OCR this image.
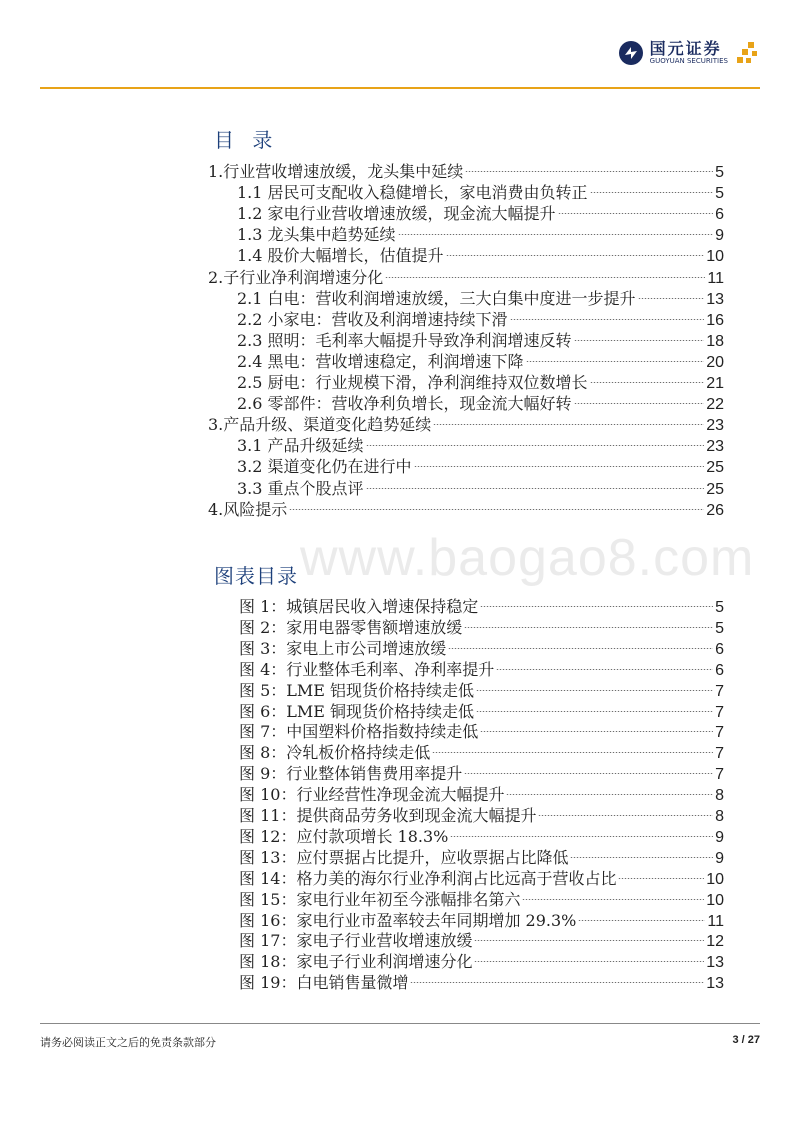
国元证券
GUOYUAN SECURITIES
目 录
1.行业营收增速放缓，龙头集中延续	5
1.1 居民可支配收入稳健增长，家电消费由负转正	5
1.2 家电行业营收增速放缓，现金流大幅提升	6
1.3 龙头集中趋势延续	9
1.4 股价大幅增长，估值提升	10
2.子行业净利润增速分化	11
2.1 白电：营收利润增速放缓，三大白集中度进一步提升	13
2.2 小家电：营收及利润增速持续下滑	16
2.3 照明：毛利率大幅提升导致净利润增速反转	18
2.4 黑电：营收增速稳定，利润增速下降	20
2.5 厨电：行业规模下滑，净利润维持双位数增长	21
2.6 零部件：营收净利负增长，现金流大幅好转	22
3.产品升级、渠道变化趋势延续	23
3.1 产品升级延续	23
3.2 渠道变化仍在进行中	25
3.3 重点个股点评	25
4.风险提示	26
www.baogao8.com
图表目录
图 1：城镇居民收入增速保持稳定	5
图 2：家用电器零售额增速放缓	5
图 3：家电上市公司增速放缓	6
图 4：行业整体毛利率、净利率提升	6
图 5：LME 铝现货价格持续走低	7
图 6：LME 铜现货价格持续走低	7
图 7：中国塑料价格指数持续走低	7
图 8：冷轧板价格持续走低	7
图 9：行业整体销售费用率提升	7
图 10：行业经营性净现金流大幅提升	8
图 11：提供商品劳务收到现金流大幅提升	8
图 12：应付款项增长 18.3%	9
图 13：应付票据占比提升，应收票据占比降低	9
图 14：格力美的海尔行业净利润占比远高于营收占比	10
图 15：家电行业年初至今涨幅排名第六	10
图 16：家电行业市盈率较去年同期增加 29.3%	11
图 17：家电子行业营收增速放缓	12
图 18：家电子行业利润增速分化	13
图 19：白电销售量微增	13
请务必阅读正文之后的免责条款部分	3 / 27
